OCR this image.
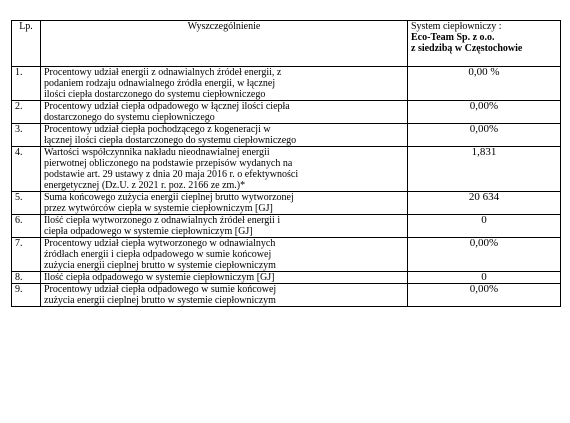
Lp.	Wyszczególnienie	System ciepłowniczy :
Eco-Team Sp. z o.o.
z siedzibą w Częstochowie

1.	Procentowy udział energii z odnawialnych źródeł energii, z
podaniem rodzaju odnawialnego źródła energii, w łącznej
ilości ciepła dostarczonego do systemu ciepłowniczego	0,00 %
2.	Procentowy udział ciepła odpadowego w łącznej ilości ciepła
dostarczonego do systemu ciepłowniczego	0,00%
3.	Procentowy udział ciepła pochodzącego z kogeneracji w
łącznej ilości ciepła dostarczonego do systemu ciepłowniczego	0,00%
4.	Wartości współczynnika nakładu nieodnawialnej energii
pierwotnej obliczonego na podstawie przepisów wydanych na
podstawie art. 29 ustawy z dnia 20 maja 2016 r. o efektywności
energetycznej (Dz.U. z 2021 r. poz. 2166 ze zm.)*	1,831
5.	Suma końcowego zużycia energii cieplnej brutto wytworzonej
przez wytwórców ciepła w systemie ciepłowniczym [GJ]	20 634
6.	Ilość ciepła wytworzonego z odnawialnych źródeł energii i
ciepła odpadowego w systemie ciepłowniczym [GJ]	0
7.	Procentowy udział ciepła wytworzonego w odnawialnych
źródłach energii i ciepła odpadowego w sumie końcowej
zużycia energii cieplnej brutto w systemie ciepłowniczym	0,00%
8.	Ilość ciepła odpadowego w systemie ciepłowniczym [GJ]	0
9.	Procentowy udział ciepła odpadowego w sumie końcowej
zużycia energii cieplnej brutto w systemie ciepłowniczym	0,00%
